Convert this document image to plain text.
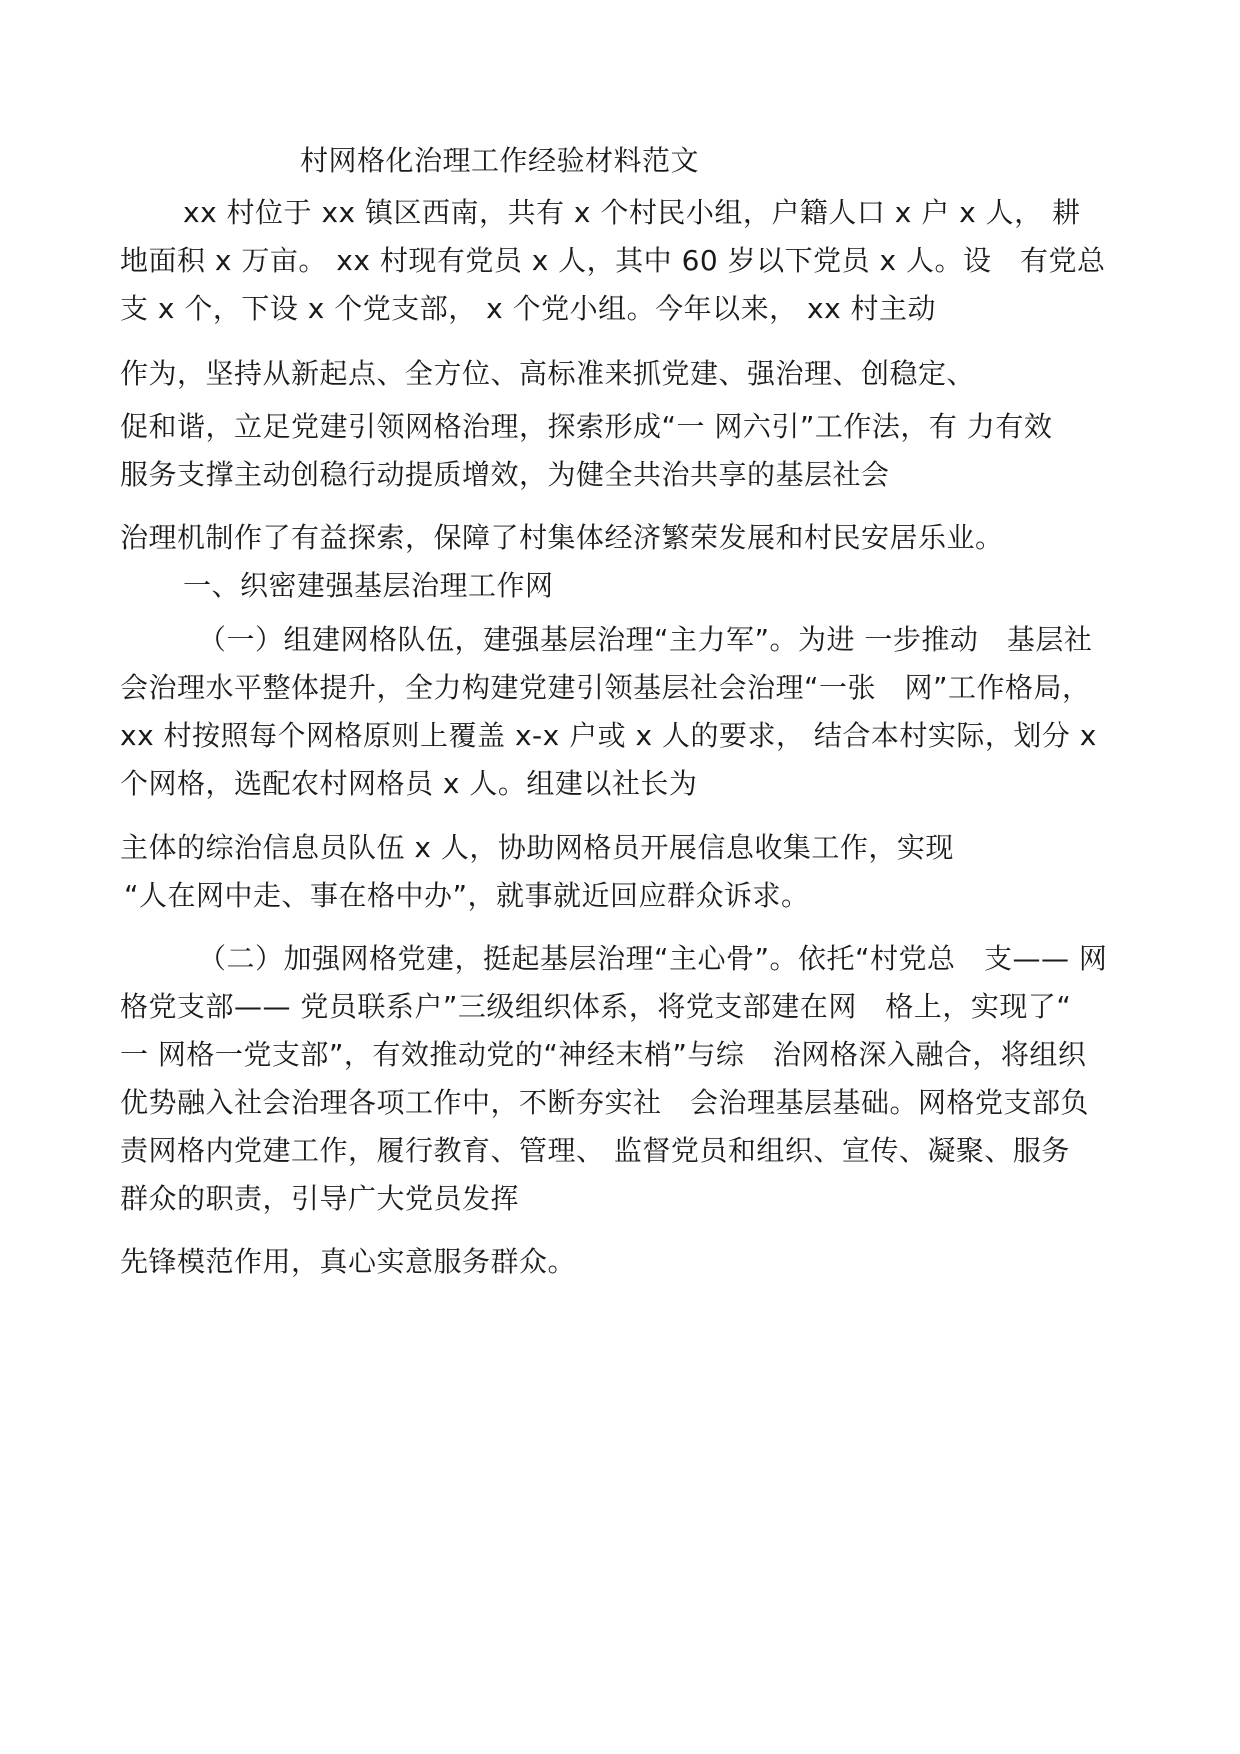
村网格化治理工作经验材料范文
xx 村位于 xx 镇区西南，共有 x 个村民小组，户籍人口 x 户 x 人， 耕
地面积 x 万亩。 xx 村现有党员 x 人，其中 60 岁以下党员 x 人。设　有党总
支 x 个，下设 x 个党支部， x 个党小组。今年以来， xx 村主动
作为，坚持从新起点、全方位、高标准来抓党建、强治理、创稳定、
促和谐，立足党建引领网格治理，探索形成“一 网六引”工作法，有 力有效
服务支撑主动创稳行动提质增效，为健全共治共享的基层社会
治理机制作了有益探索，保障了村集体经济繁荣发展和村民安居乐业。
一、织密建强基层治理工作网
（一）组建网格队伍，建强基层治理“主力军”。为进 一步推动　基层社
会治理水平整体提升，全力构建党建引领基层社会治理“一张　网”工作格局，
xx 村按照每个网格原则上覆盖 x-x 户或 x 人的要求， 结合本村实际，划分 x
个网格，选配农村网格员 x 人。组建以社长为
主体的综治信息员队伍 x 人，协助网格员开展信息收集工作，实现
“人在网中走、事在格中办”，就事就近回应群众诉求。
（二）加强网格党建，挺起基层治理“主心骨”。依托“村党总　支—— 网
格党支部—— 党员联系户”三级组织体系，将党支部建在网　格上，实现了“
一 网格一党支部”，有效推动党的“神经末梢”与综　治网格深入融合，将组织
优势融入社会治理各项工作中，不断夯实社　会治理基层基础。网格党支部负
责网格内党建工作，履行教育、管理、 监督党员和组织、宣传、凝聚、服务
群众的职责，引导广大党员发挥
先锋模范作用，真心实意服务群众。
